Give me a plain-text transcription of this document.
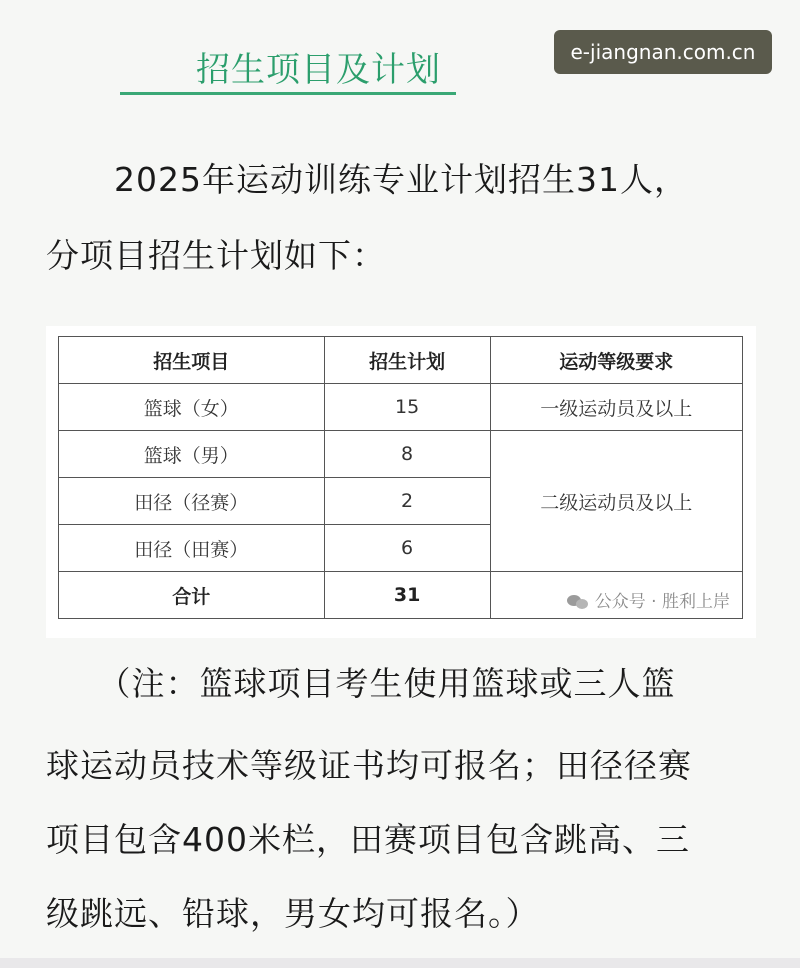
招生项目及计划	e-jiangnan.com.cn
　　2025年运动训练专业计划招生31人，
分项目招生计划如下：
招生项目	招生计划	运动等级要求
篮球（女）	15	一级运动员及以上
篮球（男）	8	二级运动员及以上
田径（径赛）	2	
田径（田赛）	6	
合计	31	公众号 · 胜利上岸
　　（注：篮球项目考生使用篮球或三人篮
球运动员技术等级证书均可报名；田径径赛
项目包含400米栏，田赛项目包含跳高、三
级跳远、铅球，男女均可报名。）
